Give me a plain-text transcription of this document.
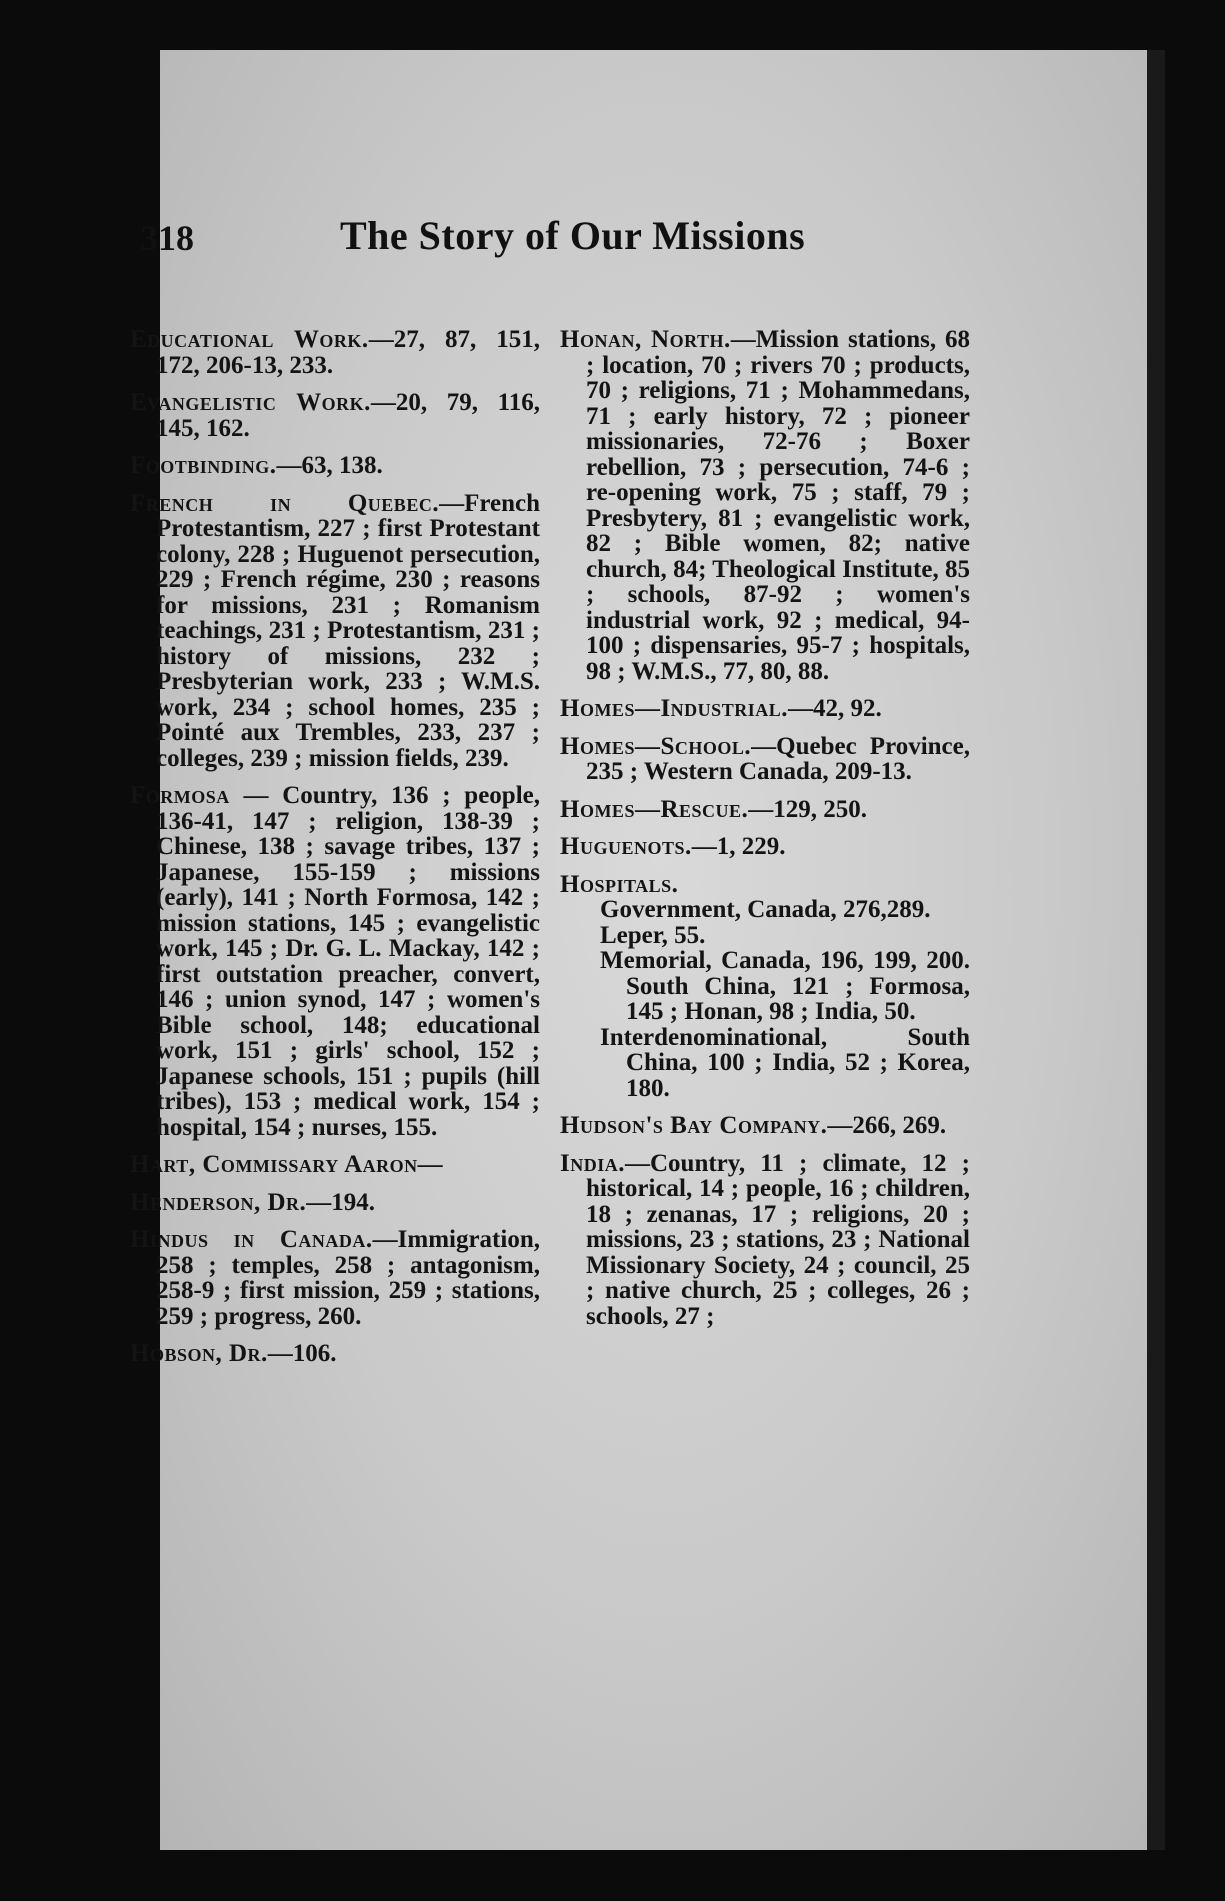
318	The Story of Our Missions
Educational Work.—27, 87, 151, 172, 206-13, 233.
Evangelistic Work.—20, 79, 116, 145, 162.
Footbinding.—63, 138.
French in Quebec.—French Protestantism, 227 ; first Protestant colony, 228 ; Huguenot persecution, 229 ; French régime, 230 ; reasons for missions, 231 ; Romanism teachings, 231 ; Protestantism, 231 ; history of missions, 232 ; Presbyterian work, 233 ; W.M.S. work, 234 ; school homes, 235 ; Pointé aux Trembles, 233, 237 ; colleges, 239 ; mission fields, 239.
Formosa — Country, 136 ; people, 136-41, 147 ; religion, 138-39 ; Chinese, 138 ; savage tribes, 137 ; Japanese, 155-159 ; missions (early), 141 ; North Formosa, 142 ; mission stations, 145 ; evangelistic work, 145 ; Dr. G. L. Mackay, 142 ; first outstation preacher, convert, 146 ; union synod, 147 ; women's Bible school, 148; educational work, 151 ; girls' school, 152 ; Japanese schools, 151 ; pupils (hill tribes), 153 ; medical work, 154 ; hospital, 154 ; nurses, 155.
Hart, Commissary Aaron—
Henderson, Dr.—194.
Hindus in Canada.—Immigration, 258 ; temples, 258 ; antagonism, 258-9 ; first mission, 259 ; stations, 259 ; progress, 260.
Hobson, Dr.—106.
Honan, North.—Mission stations, 68 ; location, 70 ; rivers 70 ; products, 70 ; religions, 71 ; Mohammedans, 71 ; early history, 72 ; pioneer missionaries, 72-76 ; Boxer rebellion, 73 ; persecution, 74-6 ; re-opening work, 75 ; staff, 79 ; Presbytery, 81 ; evangelistic work, 82 ; Bible women, 82; native church, 84; Theological Institute, 85 ; schools, 87-92 ; women's industrial work, 92 ; medical, 94-100 ; dispensaries, 95-7 ; hospitals, 98 ; W.M.S., 77, 80, 88.
Homes—Industrial.—42, 92.
Homes—School.—Quebec Province, 235 ; Western Canada, 209-13.
Homes—Rescue.—129, 250.
Huguenots.—1, 229.
Hospitals.

Government, Canada, 276,289.

Leper, 55.

Memorial, Canada, 196, 199, 200. South China, 121 ; Formosa, 145 ; Honan, 98 ; India, 50.

Interdenominational, South China, 100 ; India, 52 ; Korea, 180.

Hudson's Bay Company.—266, 269.
India.—Country, 11 ; climate, 12 ; historical, 14 ; people, 16 ; children, 18 ; zenanas, 17 ; religions, 20 ; missions, 23 ; stations, 23 ; National Missionary Society, 24 ; council, 25 ; native church, 25 ; colleges, 26 ; schools, 27 ;
